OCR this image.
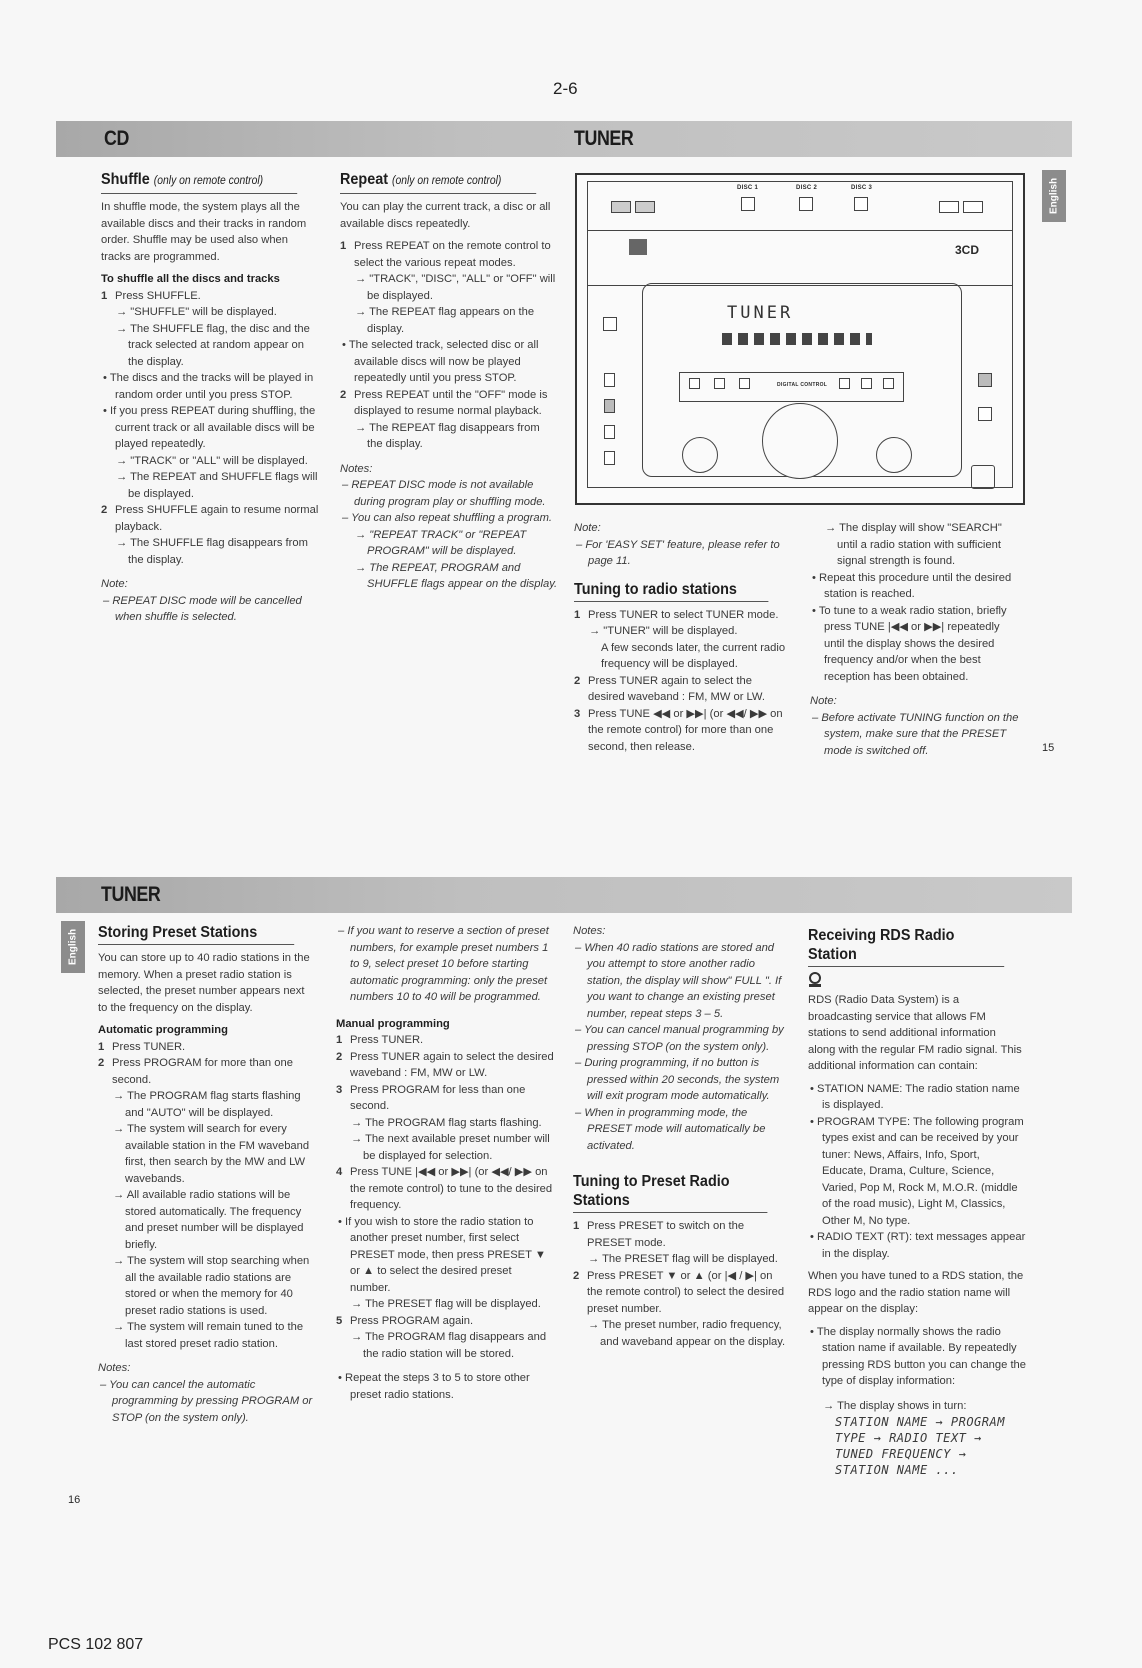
2-6
CD	TUNER
English
Shuffle (only on remote control)

In shuffle mode, the system plays all the available discs and their tracks in random order. Shuffle may be used also when tracks are programmed.

To shuffle all the discs and tracks

1 Press SHUFFLE.
→ "SHUFFLE" will be displayed.
→ The SHUFFLE flag, the disc and the track selected at random appear on the display.
• The discs and the tracks will be played in random order until you press STOP.
• If you press REPEAT during shuffling, the current track or all available discs will be played repeatedly.
→ "TRACK" or "ALL" will be displayed.
→ The REPEAT and SHUFFLE flags will be displayed.
2 Press SHUFFLE again to resume normal playback.
→ The SHUFFLE flag disappears from the display.

Note:

– REPEAT DISC mode will be cancelled when shuffle is selected.
Repeat (only on remote control)

You can play the current track, a disc or all available discs repeatedly.

1 Press REPEAT on the remote control to select the various repeat modes.
→ "TRACK", "DISC", "ALL" or "OFF" will be displayed.
→ The REPEAT flag appears on the display.
• The selected track, selected disc or all available discs will now be played repeatedly until you press STOP.
2 Press REPEAT until the "OFF" mode is displayed to resume normal playback.
→ The REPEAT flag disappears from the display.

Notes:

– REPEAT DISC mode is not available during program play or shuffling mode.
– You can also repeat shuffling a program.
→ "REPEAT TRACK" or "REPEAT PROGRAM" will be displayed.
→ The REPEAT, PROGRAM and SHUFFLE flags appear on the display.
DISC 1	DISC 2	DISC 3
3CD
TUNER
DIGITAL CONTROL

Note:

– For 'EASY SET' feature, please refer to page 11.
Tuning to radio stations
1 Press TUNER to select TUNER mode.
→ "TUNER" will be displayed.
A few seconds later, the current radio frequency will be displayed.
2 Press TUNER again to select the desired waveband : FM, MW or LW.
3 Press TUNE ◀◀ or ▶▶| (or ◀◀/ ▶▶ on the remote control) for more than one second, then release.
→ The display will show "SEARCH" until a radio station with sufficient signal strength is found.
• Repeat this procedure until the desired station is reached.
• To tune to a weak radio station, briefly press TUNE |◀◀ or ▶▶| repeatedly until the display shows the desired frequency and/or when the best reception has been obtained.

Note:

– Before activate TUNING function on the system, make sure that the PRESET mode is switched off.	15
TUNER
English	Storing Preset Stations

You can store up to 40 radio stations in the memory. When a preset radio station is selected, the preset number appears next to the frequency on the display.

Automatic programming

1 Press TUNER.
2 Press PROGRAM for more than one second.
→ The PROGRAM flag starts flashing and "AUTO" will be displayed.
→ The system will search for every available station in the FM waveband first, then search by the MW and LW wavebands.
→ All available radio stations will be stored automatically. The frequency and preset number will be displayed briefly.
→ The system will stop searching when all the available radio stations are stored or when the memory for 40 preset radio stations is used.
→ The system will remain tuned to the last stored preset radio station.

Notes:

– You can cancel the automatic programming by pressing PROGRAM or STOP (on the system only).
– If you want to reserve a section of preset numbers, for example preset numbers 1 to 9, select preset 10 before starting automatic programming: only the preset numbers 10 to 40 will be programmed.

Manual programming

1 Press TUNER.
2 Press TUNER again to select the desired waveband : FM, MW or LW.
3 Press PROGRAM for less than one second.
→ The PROGRAM flag starts flashing.
→ The next available preset number will be displayed for selection.
4 Press TUNE |◀◀ or ▶▶| (or ◀◀/ ▶▶ on the remote control) to tune to the desired frequency.
• If you wish to store the radio station to another preset number, first select PRESET mode, then press PRESET ▼ or ▲ to select the desired preset number.
→ The PRESET flag will be displayed.
5 Press PROGRAM again.
→ The PROGRAM flag disappears and the radio station will be stored.
• Repeat the steps 3 to 5 to store other preset radio stations.

Notes:

– When 40 radio stations are stored and you attempt to store another radio station, the display will show" FULL ". If you want to change an existing preset number, repeat steps 3 – 5.
– You can cancel manual programming by pressing STOP (on the system only).
– During programming, if no button is pressed within 20 seconds, the system will exit program mode automatically.
– When in programming mode, the PRESET mode will automatically be activated.
Tuning to Preset Radio Stations
1 Press PRESET to switch on the PRESET mode.
→ The PRESET flag will be displayed.
2 Press PRESET ▼ or ▲ (or |◀ / ▶| on the remote control) to select the desired preset number.
→ The preset number, radio frequency, and waveband appear on the display.
Receiving RDS Radio Station

RDS (Radio Data System) is a broadcasting service that allows FM stations to send additional information along with the regular FM radio signal. This additional information can contain:

• STATION NAME: The radio station name is displayed.
• PROGRAM TYPE: The following program types exist and can be received by your tuner: News, Affairs, Info, Sport, Educate, Drama, Culture, Science, Varied, Pop M, Rock M, M.O.R. (middle of the road music), Light M, Classics, Other M, No type.
• RADIO TEXT (RT): text messages appear in the display.

When you have tuned to a RDS station, the RDS logo and the radio station name will appear on the display:

• The display normally shows the radio station name if available. By repeatedly pressing RDS button you can change the type of display information:
→ The display shows in turn:
STATION NAME → PROGRAM TYPE → RADIO TEXT → TUNED FREQUENCY → STATION NAME ...
16
PCS 102 807
